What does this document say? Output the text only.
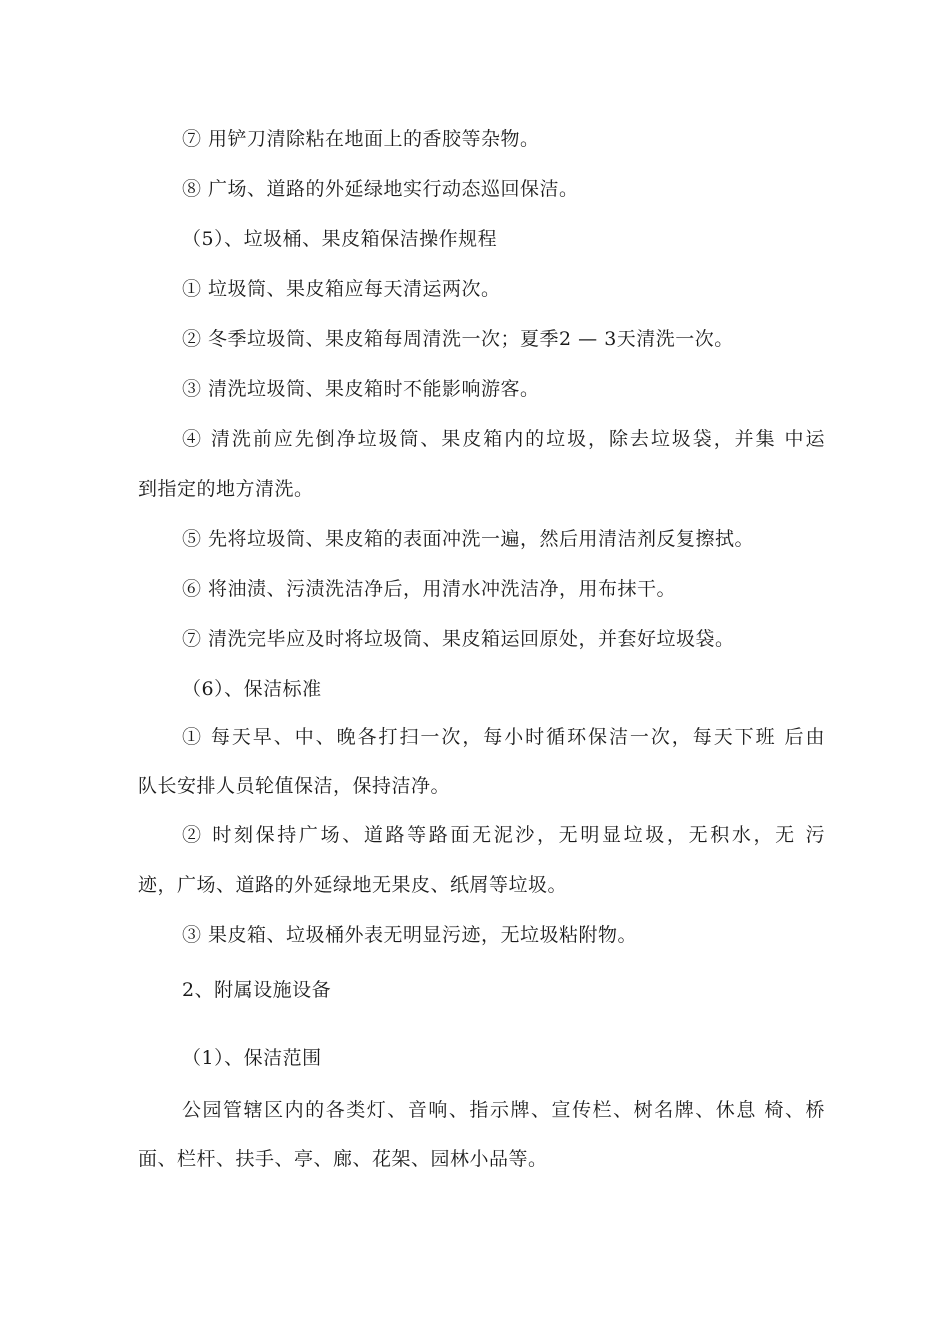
⑦ 用铲刀清除粘在地面上的香胶等杂物。
⑧ 广场、道路的外延绿地实行动态巡回保洁。
（5）、垃圾桶、果皮箱保洁操作规程
① 垃圾筒、果皮箱应每天清运两次。
② 冬季垃圾筒、果皮箱每周清洗一次；夏季2 — 3天清洗一次。
③ 清洗垃圾筒、果皮箱时不能影响游客。
④ 清洗前应先倒净垃圾筒、果皮箱内的垃圾，除去垃圾袋，并集 中运
到指定的地方清洗。
⑤ 先将垃圾筒、果皮箱的表面冲洗一遍，然后用清洁剂反复擦拭。
⑥ 将油渍、污渍洗洁净后，用清水冲洗洁净，用布抹干。
⑦ 清洗完毕应及时将垃圾筒、果皮箱运回原处，并套好垃圾袋。
（6）、保洁标准
① 每天早、中、晚各打扫一次，每小时循环保洁一次，每天下班 后由
队长安排人员轮值保洁，保持洁净。
② 时刻保持广场、道路等路面无泥沙，无明显垃圾，无积水，无 污
迹，广场、道路的外延绿地无果皮、纸屑等垃圾。
③ 果皮箱、垃圾桶外表无明显污迹，无垃圾粘附物。
2、附属设施设备
（1）、保洁范围
公园管辖区内的各类灯、音响、指示牌、宣传栏、树名牌、休息 椅、桥
面、栏杆、扶手、亭、廊、花架、园林小品等。
